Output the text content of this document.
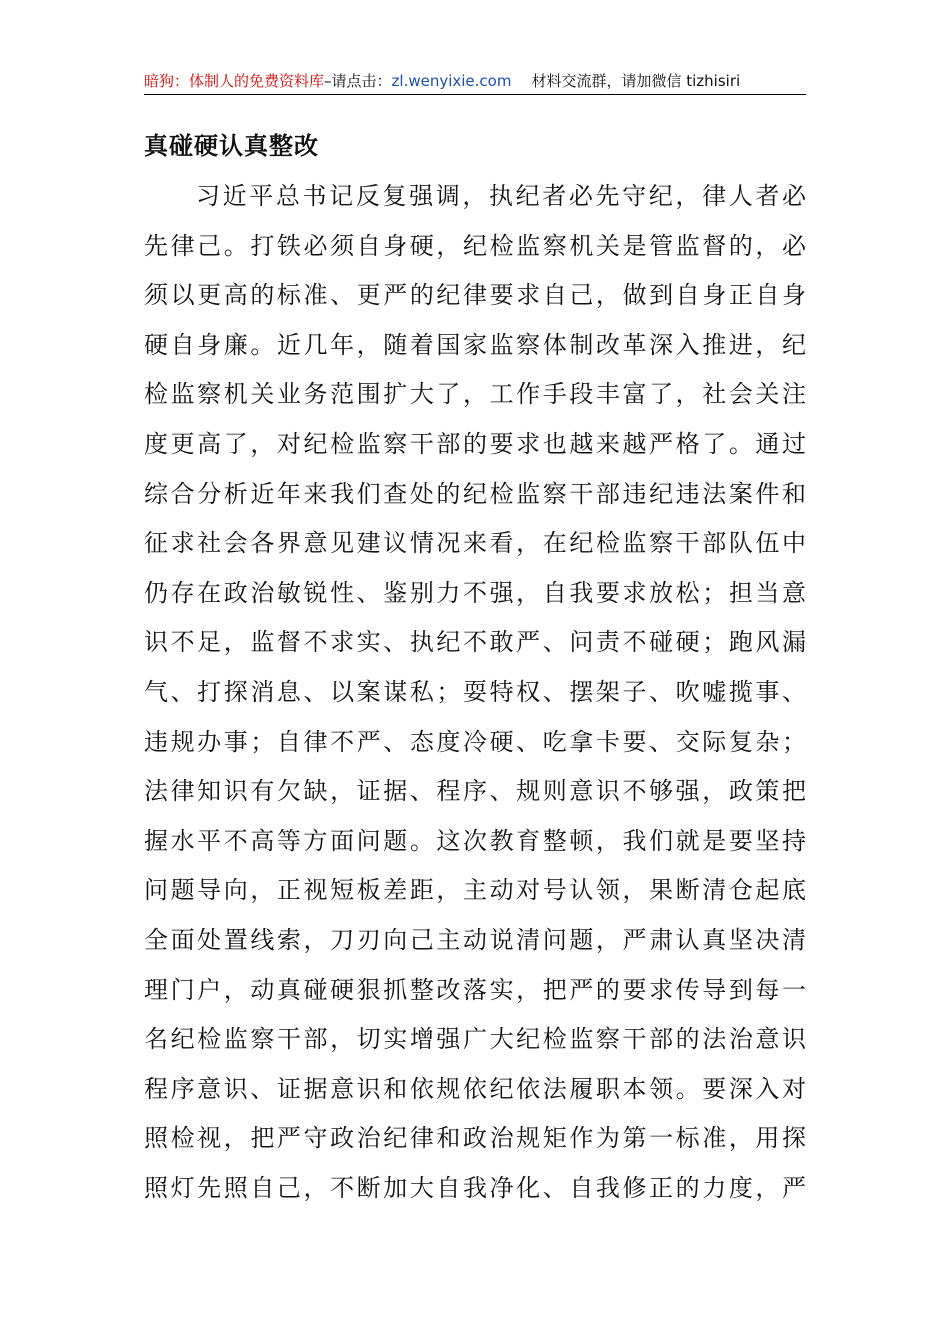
暗狗：体制人的免费资料库–请点击：zl.wenyixie.com 材料交流群，请加微信 tizhisiri
真碰硬认真整改
习近平总书记反复强调，执纪者必先守纪，律人者必
先律己。打铁必须自身硬，纪检监察机关是管监督的，必
须以更高的标准、更严的纪律要求自己，做到自身正自身
硬自身廉。近几年，随着国家监察体制改革深入推进，纪
检监察机关业务范围扩大了，工作手段丰富了，社会关注
度更高了，对纪检监察干部的要求也越来越严格了。通过
综合分析近年来我们查处的纪检监察干部违纪违法案件和
征求社会各界意见建议情况来看，在纪检监察干部队伍中
仍存在政治敏锐性、鉴别力不强，自我要求放松；担当意
识不足，监督不求实、执纪不敢严、问责不碰硬；跑风漏
气、打探消息、以案谋私；耍特权、摆架子、吹嘘揽事、
违规办事；自律不严、态度冷硬、吃拿卡要、交际复杂；
法律知识有欠缺，证据、程序、规则意识不够强，政策把
握水平不高等方面问题。这次教育整顿，我们就是要坚持
问题导向，正视短板差距，主动对号认领，果断清仓起底
全面处置线索，刀刃向己主动说清问题，严肃认真坚决清
理门户，动真碰硬狠抓整改落实，把严的要求传导到每一
名纪检监察干部，切实增强广大纪检监察干部的法治意识
程序意识、证据意识和依规依纪依法履职本领。要深入对
照检视，把严守政治纪律和政治规矩作为第一标准，用探
照灯先照自己，不断加大自我净化、自我修正的力度，严
